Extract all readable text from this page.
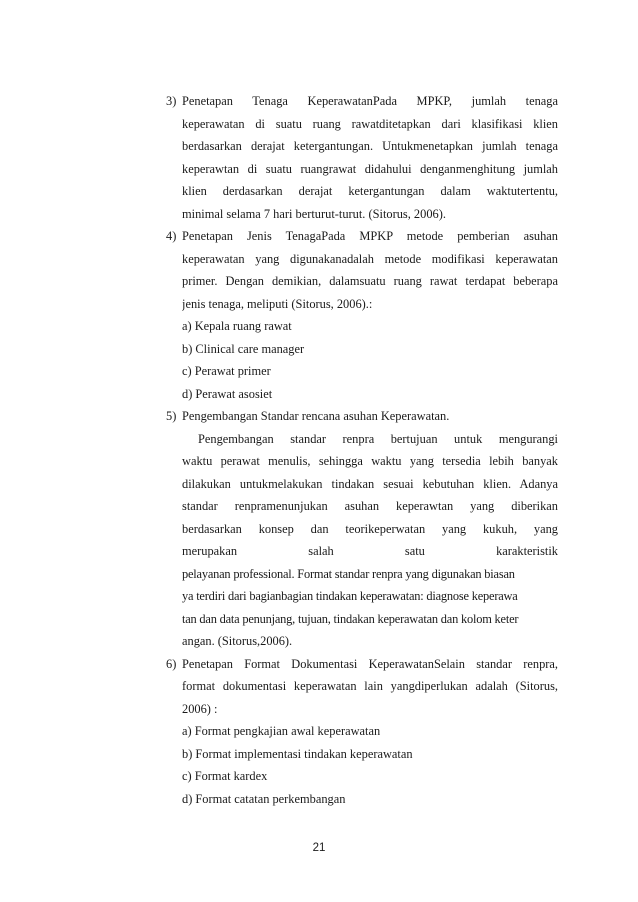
3) Penetapan Tenaga KeperawatanPada MPKP, jumlah tenaga
keperawatan di suatu ruang rawatditetapkan dari klasifikasi klien
berdasarkan derajat ketergantungan. Untukmenetapkan jumlah tenaga
keperawtan di suatu ruangrawat didahului denganmenghitung jumlah
klien derdasarkan derajat ketergantungan dalam waktutertentu,
minimal selama 7 hari berturut-turut. (Sitorus, 2006).
4) Penetapan Jenis TenagaPada MPKP metode pemberian asuhan
keperawatan yang digunakanadalah metode modifikasi keperawatan
primer. Dengan demikian, dalamsuatu ruang rawat terdapat beberapa
jenis tenaga, meliputi (Sitorus, 2006).:
a) Kepala ruang rawat
b) Clinical care manager
c) Perawat primer
d) Perawat asosiet
5) Pengembangan Standar rencana asuhan Keperawatan.
Pengembangan standar renpra bertujuan untuk mengurangi
waktu perawat menulis, sehingga waktu yang tersedia lebih banyak
dilakukan untukmelakukan tindakan sesuai kebutuhan klien. Adanya
standar renpramenunjukan asuhan keperawtan yang diberikan
berdasarkan konsep dan teorikeperwatan yang kukuh, yang
merupakan salah satu karakteristik
pelayanan professional. Format standar renpra yang digunakan biasan
ya terdiri dari bagianbagian tindakan keperawatan: diagnose keperawa
tan dan data penunjang, tujuan, tindakan keperawatan dan kolom keter
angan. (Sitorus,2006).
6) Penetapan Format Dokumentasi KeperawatanSelain standar renpra,
format dokumentasi keperawatan lain yangdiperlukan adalah (Sitorus,
2006) :
a) Format pengkajian awal keperawatan
b) Format implementasi tindakan keperawatan
c) Format kardex
d) Format catatan perkembangan
21
